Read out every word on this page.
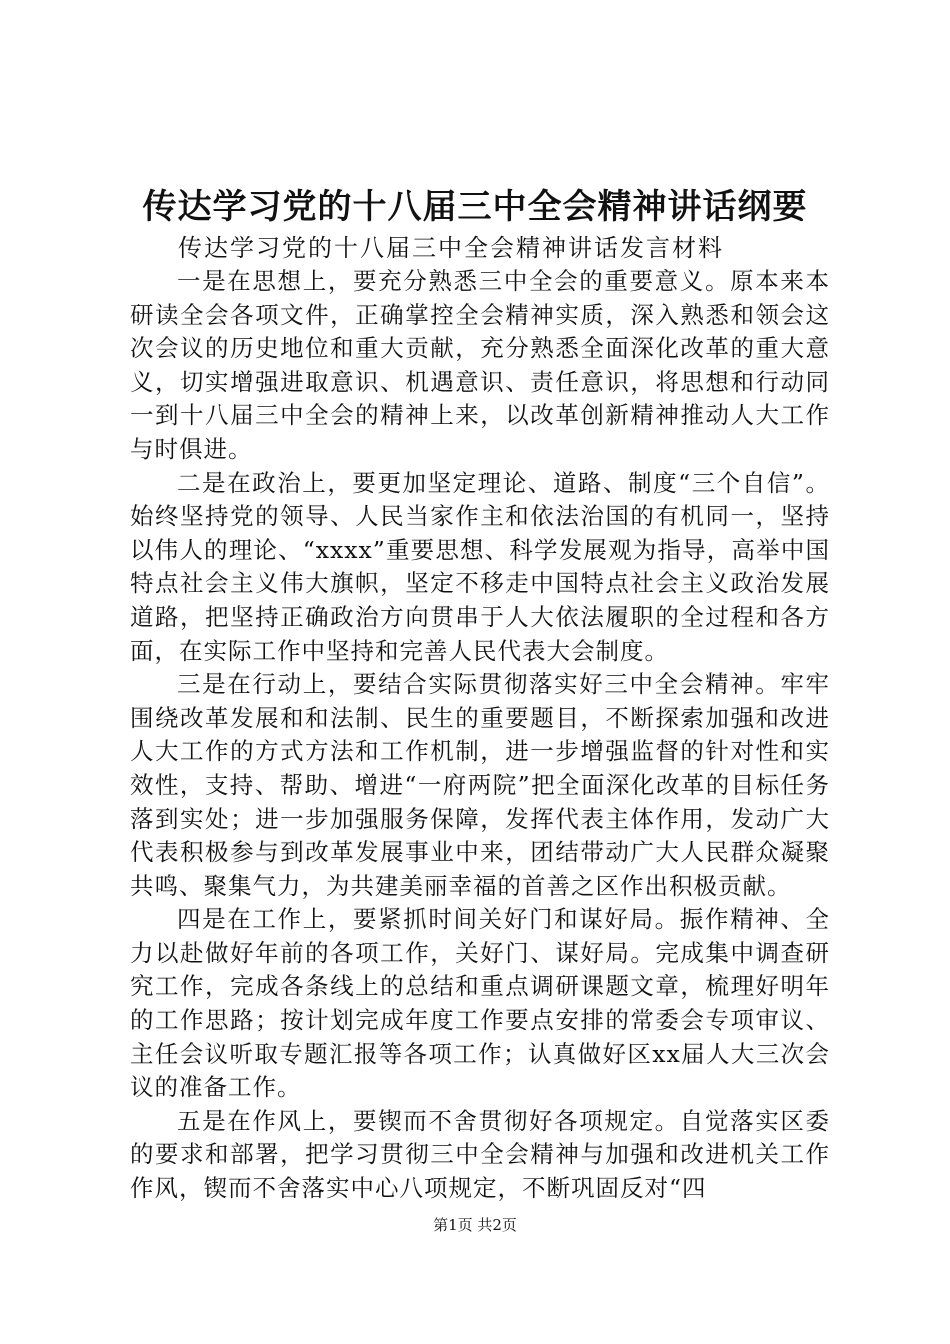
传达学习党的十八届三中全会精神讲话纲要

传达学习党的十八届三中全会精神讲话发言材料

一是在思想上，要充分熟悉三中全会的重要意义。原本来本研读全会各项文件，正确掌控全会精神实质，深入熟悉和领会这次会议的历史地位和重大贡献，充分熟悉全面深化改革的重大意义，切实增强进取意识、机遇意识、责任意识，将思想和行动同一到十八届三中全会的精神上来，以改革创新精神推动人大工作与时俱进。

二是在政治上，要更加坚定理论、道路、制度“三个自信”。始终坚持党的领导、人民当家作主和依法治国的有机同一，坚持以伟人的理论、“xxxx”重要思想、科学发展观为指导，高举中国特点社会主义伟大旗帜，坚定不移走中国特点社会主义政治发展道路，把坚持正确政治方向贯串于人大依法履职的全过程和各方面，在实际工作中坚持和完善人民代表大会制度。

三是在行动上，要结合实际贯彻落实好三中全会精神。牢牢围绕改革发展和和法制、民生的重要题目，不断探索加强和改进人大工作的方式方法和工作机制，进一步增强监督的针对性和实效性，支持、帮助、增进“一府两院”把全面深化改革的目标任务落到实处；进一步加强服务保障，发挥代表主体作用，发动广大代表积极参与到改革发展事业中来，团结带动广大人民群众凝聚共鸣、聚集气力，为共建美丽幸福的首善之区作出积极贡献。

四是在工作上，要紧抓时间关好门和谋好局。振作精神、全力以赴做好年前的各项工作，关好门、谋好局。完成集中调查研究工作，完成各条线上的总结和重点调研课题文章，梳理好明年的工作思路；按计划完成年度工作要点安排的常委会专项审议、主任会议听取专题汇报等各项工作；认真做好区xx届人大三次会议的准备工作。

五是在作风上，要锲而不舍贯彻好各项规定。自觉落实区委的要求和部署，把学习贯彻三中全会精神与加强和改进机关工作作风，锲而不舍落实中心八项规定，不断巩固反对“四

第1页 共2页
